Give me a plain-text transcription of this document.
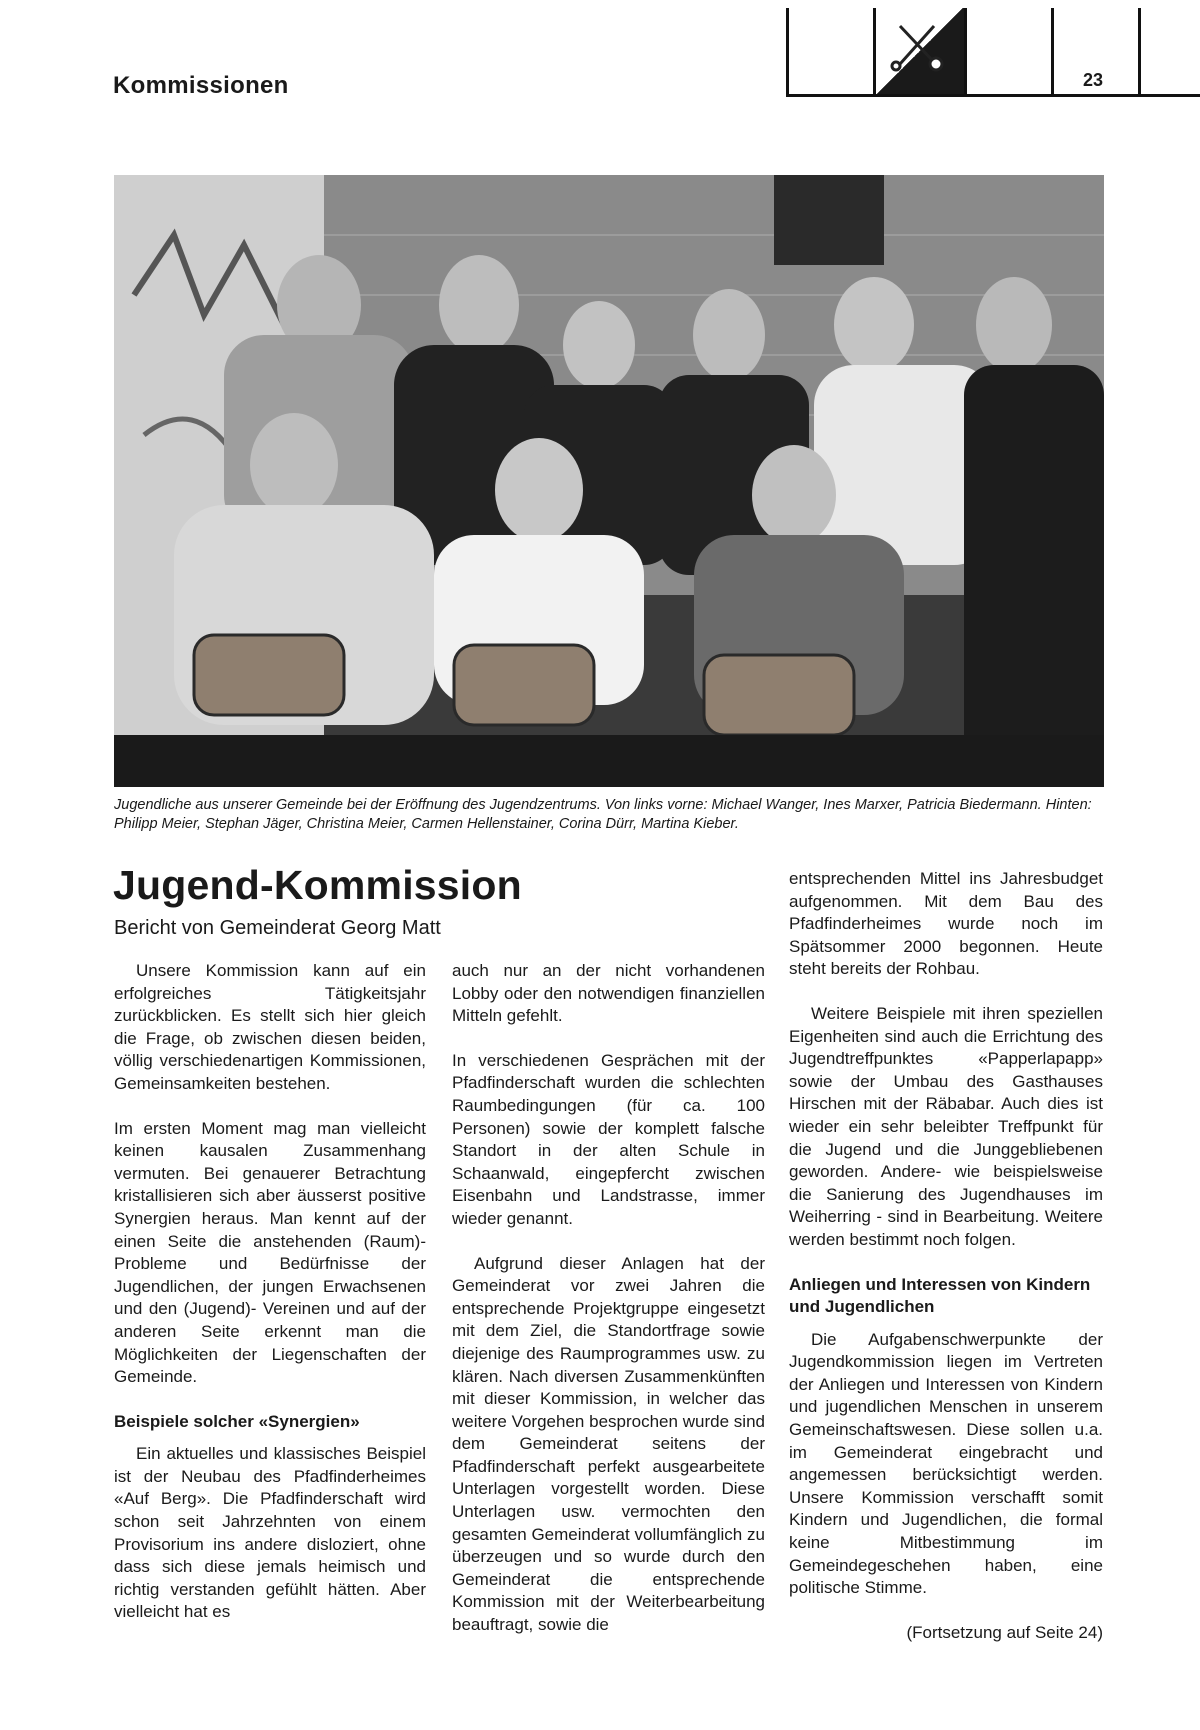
Kommissionen	23
Jugendliche aus unserer Gemeinde bei der Eröffnung des Jugendzentrums. Von links vorne: Michael Wanger, Ines Marxer, Patricia Biedermann. Hinten: Philipp Meier, Stephan Jäger, Christina Meier, Carmen Hellenstainer, Corina Dürr, Martina Kieber.
Jugend-Kommission
Bericht von Gemeinderat Georg Matt

Unsere Kommission kann auf ein erfolgreiches Tätigkeitsjahr zurückblicken. Es stellt sich hier gleich die Frage, ob zwischen diesen beiden, völlig verschiedenartigen Kommissionen, Gemeinsamkeiten bestehen.

Im ersten Moment mag man vielleicht keinen kausalen Zusammenhang vermuten. Bei genauerer Betrachtung kristallisieren sich aber äusserst positive Synergien heraus. Man kennt auf der einen Seite die anstehenden (Raum)-Probleme und Bedürfnisse der Jugendlichen, der jungen Erwachsenen und den (Jugend)- Vereinen und auf der anderen Seite erkennt man die Möglichkeiten der Liegenschaften der Gemeinde.

Beispiele solcher «Synergien»

Ein aktuelles und klassisches Beispiel ist der Neubau des Pfadfinderheimes «Auf Berg». Die Pfadfinderschaft wird schon seit Jahrzehnten von einem Provisorium ins andere disloziert, ohne dass sich diese jemals heimisch und richtig verstanden gefühlt hätten. Aber vielleicht hat es

auch nur an der nicht vorhandenen Lobby oder den notwendigen finanziellen Mitteln gefehlt.

In verschiedenen Gesprächen mit der Pfadfinderschaft wurden die schlechten Raumbedingungen (für ca. 100 Personen) sowie der komplett falsche Standort in der alten Schule in Schaanwald, eingepfercht zwischen Eisenbahn und Landstrasse, immer wieder genannt.

Aufgrund dieser Anlagen hat der Gemeinderat vor zwei Jahren die entsprechende Projektgruppe eingesetzt mit dem Ziel, die Standortfrage sowie diejenige des Raumprogrammes usw. zu klären. Nach diversen Zusammenkünften mit dieser Kommission, in welcher das weitere Vorgehen besprochen wurde sind dem Gemeinderat seitens der Pfadfinderschaft perfekt ausgearbeitete Unterlagen vorgestellt worden. Diese Unterlagen usw. vermochten den gesamten Gemeinderat vollumfänglich zu überzeugen und so wurde durch den Gemeinderat die entsprechende Kommission mit der Weiterbearbeitung beauftragt, sowie die

entsprechenden Mittel ins Jahresbudget aufgenommen. Mit dem Bau des Pfadfinderheimes wurde noch im Spätsommer 2000 begonnen. Heute steht bereits der Rohbau.

Weitere Beispiele mit ihren speziellen Eigenheiten sind auch die Errichtung des Jugendtreffpunktes «Papperlapapp» sowie der Umbau des Gasthauses Hirschen mit der Räbabar. Auch dies ist wieder ein sehr beleibter Treffpunkt für die Jugend und die Junggebliebenen geworden. Andere- wie beispielsweise die Sanierung des Jugendhauses im Weiherring - sind in Bearbeitung. Weitere werden bestimmt noch folgen.

Anliegen und Interessen von Kindern und Jugendlichen

Die Aufgabenschwerpunkte der Jugendkommission liegen im Vertreten der Anliegen und Interessen von Kindern und jugendlichen Menschen in unserem Gemeinschaftswesen. Diese sollen u.a. im Gemeinderat eingebracht und angemessen berücksichtigt werden. Unsere Kommission verschafft somit Kindern und Jugendlichen, die formal keine Mitbestimmung im Gemeindegeschehen haben, eine politische Stimme.

(Fortsetzung auf Seite 24)
